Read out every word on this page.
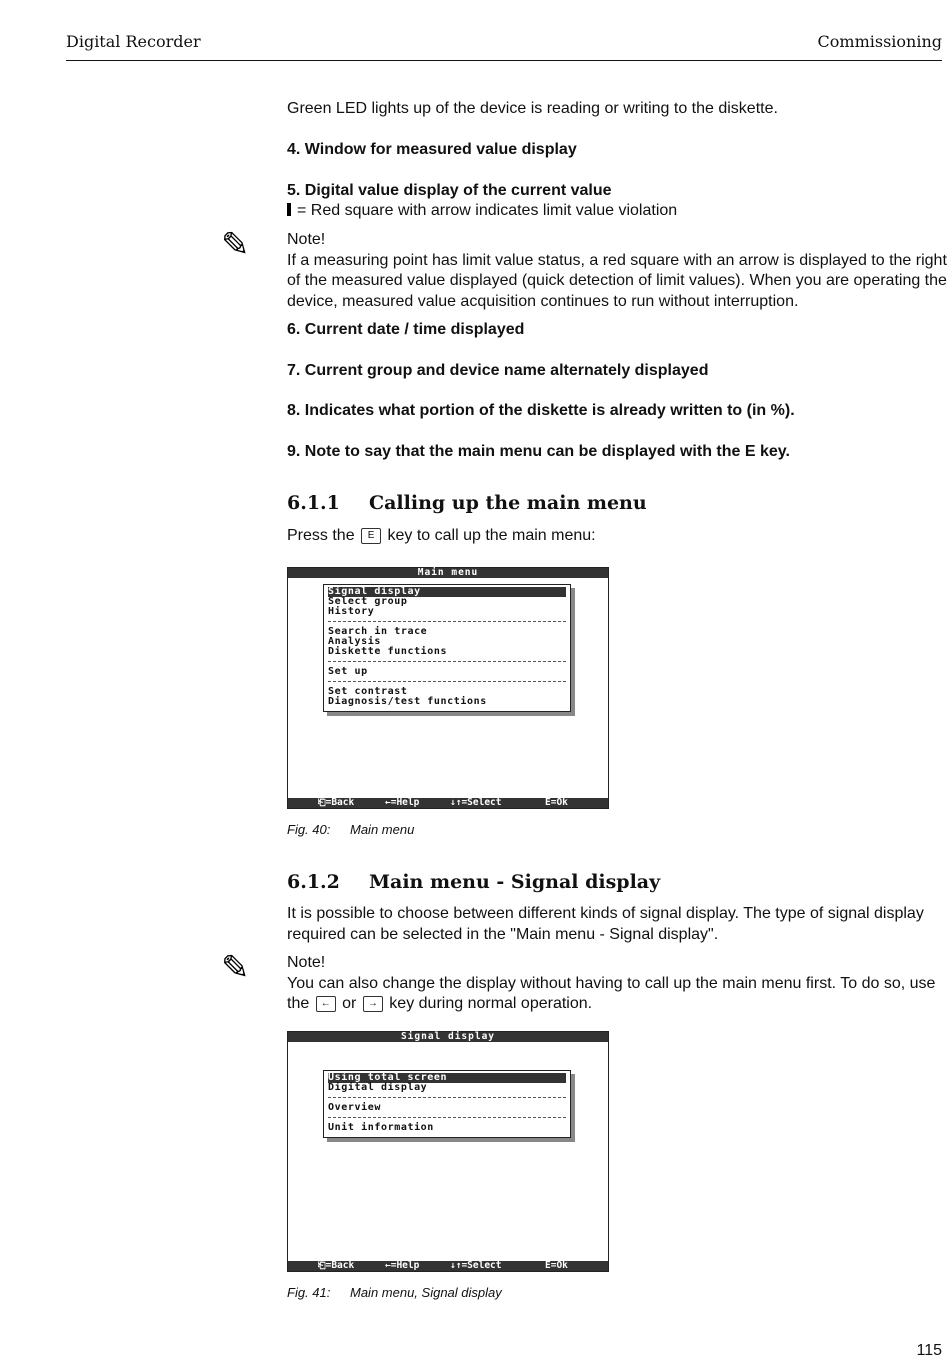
Digital Recorder	Commissioning
Green LED lights up of the device is reading or writing to the diskette.
4. Window for measured value display
5. Digital value display of the current value
= Red square with arrow indicates limit value violation
✎ Note!
If a measuring point has limit value status, a red square with an arrow is displayed to the right of the measured value displayed (quick detection of limit values). When you are operating the device, measured value acquisition continues to run without interruption.
6. Current date / time displayed
7. Current group and device name alternately displayed
8. Indicates what portion of the diskette is already written to (in %).
9. Note to say that the main menu can be displayed with the E key.
6.1.1 Calling up the main menu
Press the E key to call up the main menu:
Main menu
Signal display
Select group
History
Search in trace
Analysis
Diskette functions
Set up
Set contrast
Diagnosis/test functions

⎗=Back

	←=Help

	↓↑=Select

	E=Ok

Fig. 40: Main menu
6.1.2 Main menu - Signal display
It is possible to choose between different kinds of signal display. The type of signal display required can be selected in the "Main menu - Signal display".
✎ Note!
You can also change the display without having to call up the main menu first. To do so, use the ← or → key during normal operation.
Signal display
Using total screen
Digital display
Overview
Unit information

⎗=Back

	←=Help

	↓↑=Select

	E=Ok

Fig. 41: Main menu, Signal display
115
